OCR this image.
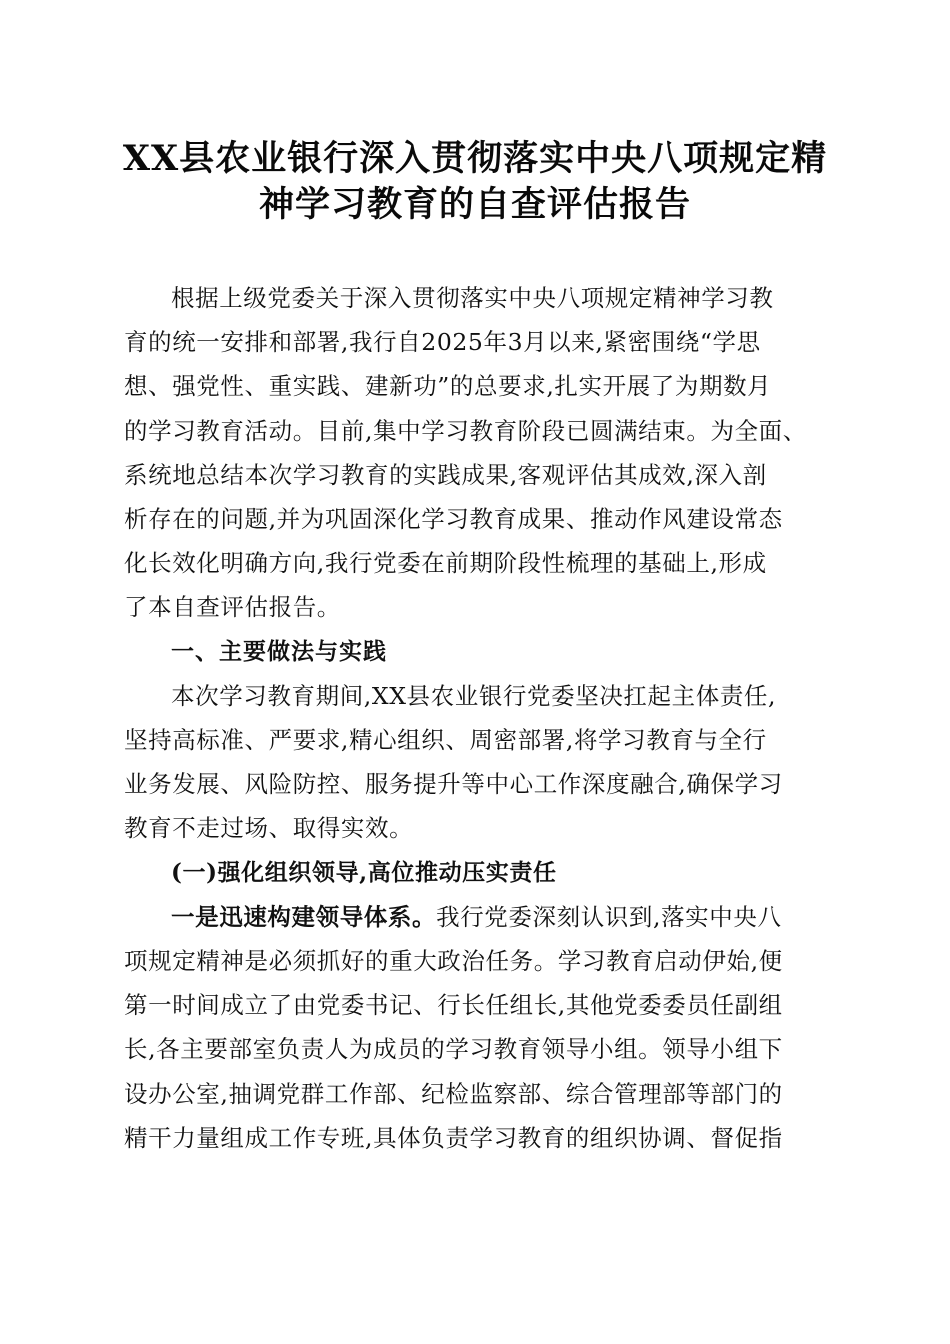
XX县农业银行深入贯彻落实中央八项规定精
神学习教育的自查评估报告

根据上级党委关于深入贯彻落实中央八项规定精神学习教
育的统一安排和部署,我行自2025年3月以来,紧密围绕“学思
想、强党性、重实践、建新功”的总要求,扎实开展了为期数月
的学习教育活动。目前,集中学习教育阶段已圆满结束。为全面、
系统地总结本次学习教育的实践成果,客观评估其成效,深入剖
析存在的问题,并为巩固深化学习教育成果、推动作风建设常态
化长效化明确方向,我行党委在前期阶段性梳理的基础上,形成
了本自查评估报告。

一、主要做法与实践

本次学习教育期间,XX县农业银行党委坚决扛起主体责任,
坚持高标准、严要求,精心组织、周密部署,将学习教育与全行
业务发展、风险防控、服务提升等中心工作深度融合,确保学习
教育不走过场、取得实效。

(一)强化组织领导,高位推动压实责任

一是迅速构建领导体系。我行党委深刻认识到,落实中央八
项规定精神是必须抓好的重大政治任务。学习教育启动伊始,便
第一时间成立了由党委书记、行长任组长,其他党委委员任副组
长,各主要部室负责人为成员的学习教育领导小组。领导小组下
设办公室,抽调党群工作部、纪检监察部、综合管理部等部门的
精干力量组成工作专班,具体负责学习教育的组织协调、督促指
